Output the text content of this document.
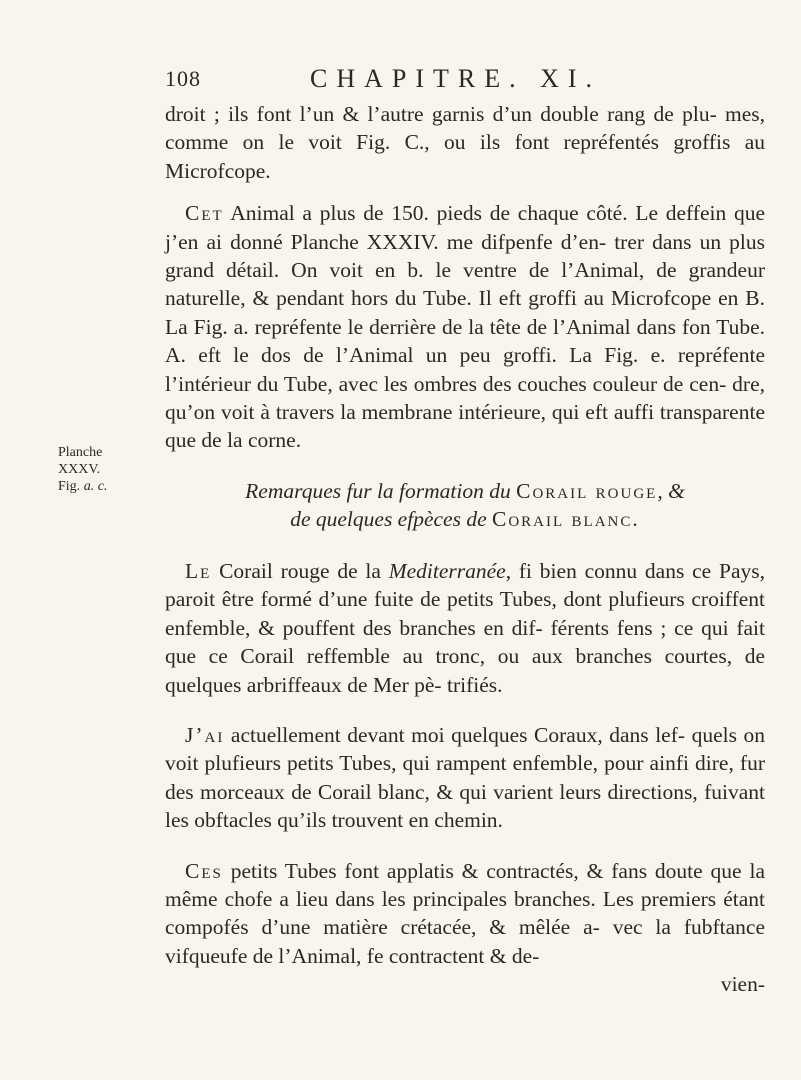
108	CHAPITRE. XI.
Planche
XXXV.
Fig. a. c.

droit ; ils font l’un & l’autre garnis d’un double rang de plu- mes, comme on le voit Fig. C., ou ils font repréfentés groffis au Microfcope.

Cet Animal a plus de 150. pieds de chaque côté. Le deffein que j’en ai donné Planche XXXIV. me difpenfe d’en- trer dans un plus grand détail. On voit en b. le ventre de l’Animal, de grandeur naturelle, & pendant hors du Tube. Il eft groffi au Microfcope en B. La Fig. a. repréfente le derrière de la tête de l’Animal dans fon Tube. A. eft le dos de l’Animal un peu groffi. La Fig. e. repréfente l’intérieur du Tube, avec les ombres des couches couleur de cen- dre, qu’on voit à travers la membrane intérieure, qui eft auffi transparente que de la corne.

Remarques fur la formation du Corail rouge, &
de quelques efpèces de Corail blanc.

Le Corail rouge de la Mediterranée, fi bien connu dans ce Pays, paroit être formé d’une fuite de petits Tubes, dont plufieurs croiffent enfemble, & pouffent des branches en dif- férents fens ; ce qui fait que ce Corail reffemble au tronc, ou aux branches courtes, de quelques arbriffeaux de Mer pè- trifiés.

J’ai actuellement devant moi quelques Coraux, dans lef- quels on voit plufieurs petits Tubes, qui rampent enfemble, pour ainfi dire, fur des morceaux de Corail blanc, & qui varient leurs directions, fuivant les obftacles qu’ils trouvent en chemin.

Ces petits Tubes font applatis & contractés, & fans doute que la même chofe a lieu dans les principales branches. Les premiers étant compofés d’une matière crétacée, & mêlée a- vec la fubftance vifqueufe de l’Animal, fe contractent & de-

vien-
